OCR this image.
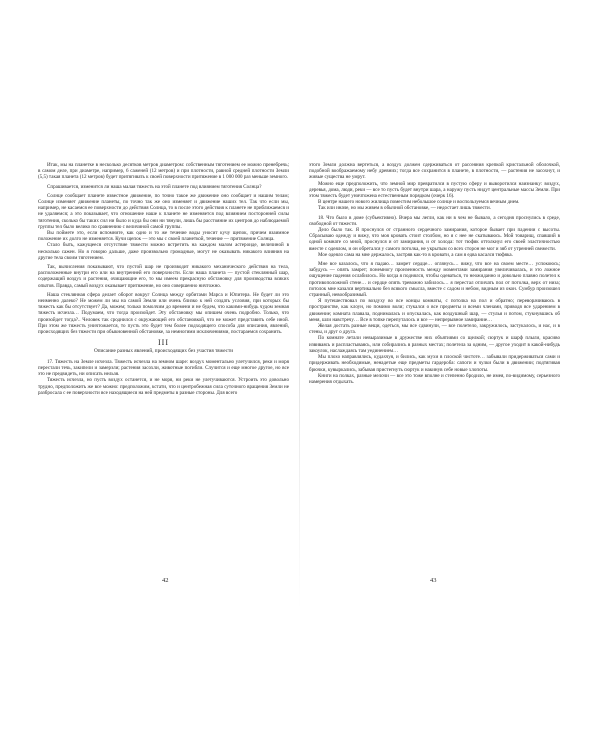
Итак, мы на планетке в несколько десятков метров диаметром: собственным тяготением ее можно пренебречь; в самом деле, при диаметре, например, 6 саженей (12 метров) и при плотности, равной средней плотности Земли (5,5) такая планета (12 метров) будет притягивать к своей поверхности притяжение в 1 000 000 раз меньше земного.

Спрашивается, изменится ли наша малая тяжесть на этой планете под влиянием тяготения Солнца?

Солнце сообщает планете известное движение, по точно такое же движение оно сообщает и нашим телам; Солнце изменяет движение планеты, по точно так же оно изменяет и движение наших тел. Так что если мы, например, не касаемся ее поверхности до действия Солнца, то в после этого действия к планете не приближаемся и не удаляемся; а это показывает, что отношение наше к планете не изменяется под влиянием посторонней силы тяготения, сколько бы таких сил ни было и куда бы они ни тянули, лишь бы расстояние их центров до наблюдаемой группы тел было велико по сравнению с величиной самой группы.

Вы поймете это, если вспомните, как одно и то же течение воды уносит кучу щепок, причем взаимное положение их долго не изменяется. Кучи щепок — это мы с своей планеткой, течение — притяжение Солнца.

Стало быть, кажущееся отсутствие тяжести можно встретить на каждом малом астероиде, величиной в несколько сажен. Но я говорю дальше, даже произвольно громадные, могут не оказывать никакого влияния на другие тела своим тяготением.

Так, вычисления показывают, что пустой шар не производит никакого механического действия на тела, расположенные внутри его или на внутренней его поверхности. Если наша планета — пустой стеклянный шар, содержащий воздух и растения, очищающие его, то мы имеем прекрасную обстановку для производства всяких опытов. Правда, самый воздух оказывает притяжение, но оно совершенно ничтожно.

Наша стеклянная сфера делает оборот вокруг Солнца между орбитами Марса и Юпитера. Не будет ли это неименно далеко? Не можем ли мы на самой Земли или очень близко к ней создать условия, при которых бы тяжесть как бы отсутствует? Да, можем; только помолчим до времени и не будем, что какими-нибудь чудом земная тяжесть исчезла… Подумаем, что тогда произойдет. Эту обстановку мы опишем очень подробно. Только, что произойдет тогда?.. Человек так сроднился с окружающей его обстановкой, что не может представить себе иной. При этом же тяжесть уничтожается, то пусть это будет тем более подходящего способа для описания, явлений, происходящих без тяжести при обыкновенной обстановке, за немногими исключениями, постараемся сохранить.

III
Описание разных явлений, происходящих без участия тяжести

17. Тяжесть на Земле исчезла. Тяжесть исчезла на земном шаре: воздух моментально улетучился, реки и моря перестали течь, закипели и замерзли; растения засохли, животные погибли. Случится и еще многое другое, но все это не предвидеть, ни описать нельзя.

Тяжесть исчезла, но пусть воздух останется, и не моря, ни реки не улетучиваются. Устроить это довольно трудно, предположить же все можно: предположим, кстати, что и центробежная сила суточного вращения Земли не разбросала с ее поверхности все находящиеся на ней предметы в разные стороны. Для всего

42

этого Земли должна вертеться, а воздух должен сдерживаться от рассеяния крепкой кристальной оболочкой, подобной воображаемому небу древних; тогда все сохранится в планете, в плотности, — растения не засохнут, и живые существа не умрут.

Можно еще предположить, что земной мир превратился в пустую сферу и выворотился наизнанку: воздух, деревья, дома, люди, реки — все то пусть будет внутри шара, а наружу пусть нидут центральные массы Земли. При этом тяжесть будет уничтожена естественным порядком (очерк 16).

В центре нашего нового жилища поместим небольшое солнце и воспользуемся вечным днем.

Так или иначе, но мы живем в обычной обстановке, — недостает лишь тяжести.

18. Что было в доме (субъективно). Вчера мы легли, как ни в чем не бывало, а сегодня проснулись в среде, свободной от тяжести.

Дело было так. Я проснулся от странного сердечного замирания, которое бывает при падении с высоты. Сбрасываю одежду и вижу, что моя кровать стоит столбом, но я с нее не скатываюсь. Мой товарищ, спавший в одной комнате со мной, проснулся и от замирания, и от холода: тот тюфяк оттолкнул его своей эластичностью вместе с одеялом, и он обретался у самого потолка, не укрытым со всех сторон не мог и зяб от утренней свежести.

Мое одеяло сама на мне держалось, застряв как-то в кровати, а сам я едва касался тюфяка.

Мне все казалось, что я падаю… замрет сердце… оглянусь… вижу, что все на своем месте… успокоюсь; забудусь — опять замрет; понемногу пронзенность между моментами замирания увеличивалась, и это ложное ощущение падения ослабилось. Но когда я поднялся, чтобы одеваться, то неожиданно и довольно плавно полетел к противоположной стене… и сердце опять тревожно забилось… я перестал отличать пол от потолка, верх от низа; потолок мне казался вертикально без всякого смысла, вместе с садом и небом, видным из окон. Сумбур произошел странный, невообразимый.

Я путешествовал по воздуху во все концы комнаты, с потолка на пол и обратно; переворачиваюсь в пространстве, как клоун, но помимо воли; стукался о все предметы и всеми членами, приводя все ударением в движение; комната плавала, поднималась и опускалась, как воздушный шар, — стулья и потом, стукнувшись об меня, шли навстречу… Все в топке перепуталось и все — непрерывное замирание…

Желая достать разные вещи, одеться, мы все сдвинули, — все полетело, закружилось, застукалось, и нас, и в стены, и друг о друга.

По комнате летали невыразимые в дружестве них объятиями со щелкой; сюртук и шарф плыли, красиво извиваясь и распластываясь, или собирались в разных местах; полетела за одним, — другое уходит в какой-нибудь закоулок, наслаждаясь там уединением…

Мы плохо направлялись, кудахчуя, и бились, как мухи в плоской чистоте… забывали придерживаться сами и придерживать необходимые, ненадетые еще предметы гардероба: сапоги и чулки были в движении; подтягивая брючки, кувыркались, забывая пристегнуть сюртук и накинув себе новые хлопоты.

Книги на полках, разные мелочи — все это тоже вполне и степенно бродило, не имея, по-видимому, серьезного намерения отдыхать.

43
